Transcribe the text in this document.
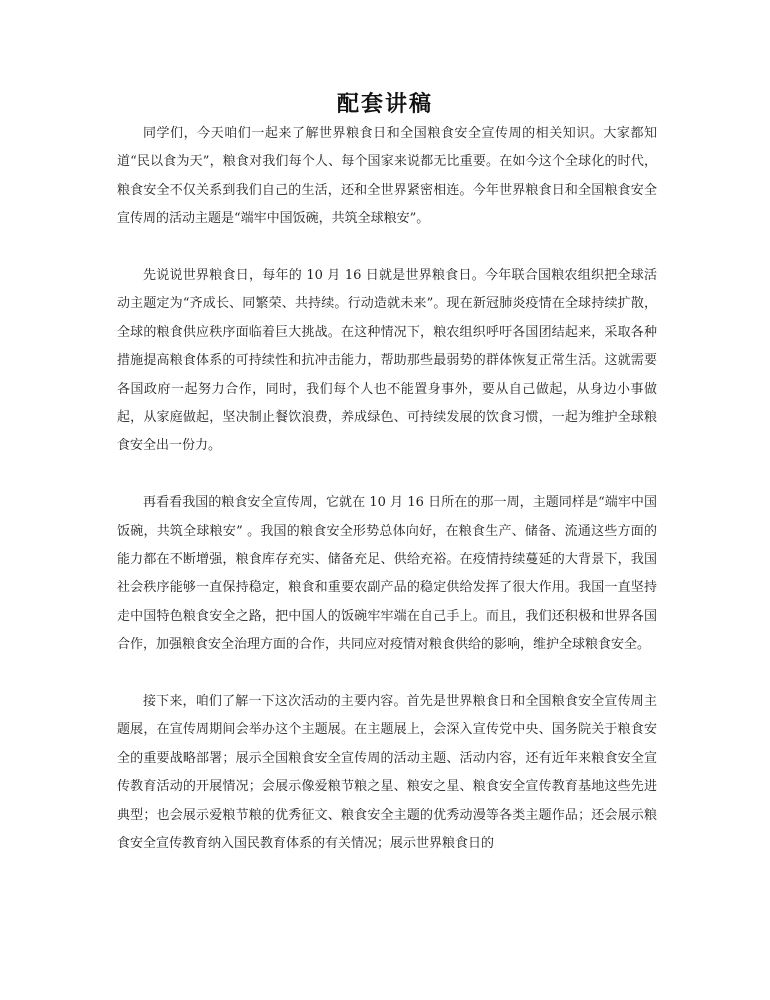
配套讲稿

同学们，今天咱们一起来了解世界粮食日和全国粮食安全宣传周的相关知识。大家都知道“民以食为天”，粮食对我们每个人、每个国家来说都无比重要。在如今这个全球化的时代，粮食安全不仅关系到我们自己的生活，还和全世界紧密相连。今年世界粮食日和全国粮食安全宣传周的活动主题是“端牢中国饭碗，共筑全球粮安”。

先说说世界粮食日，每年的 10 月 16 日就是世界粮食日。今年联合国粮农组织把全球活动主题定为“齐成长、同繁荣、共持续。行动造就未来”。现在新冠肺炎疫情在全球持续扩散，全球的粮食供应秩序面临着巨大挑战。在这种情况下，粮农组织呼吁各国团结起来，采取各种措施提高粮食体系的可持续性和抗冲击能力，帮助那些最弱势的群体恢复正常生活。这就需要各国政府一起努力合作，同时，我们每个人也不能置身事外，要从自己做起，从身边小事做起，从家庭做起，坚决制止餐饮浪费，养成绿色、可持续发展的饮食习惯，一起为维护全球粮食安全出一份力。

再看看我国的粮食安全宣传周，它就在 10 月 16 日所在的那一周，主题同样是“端牢中国饭碗，共筑全球粮安” 。我国的粮食安全形势总体向好，在粮食生产、储备、流通这些方面的能力都在不断增强，粮食库存充实、储备充足、供给充裕。在疫情持续蔓延的大背景下，我国社会秩序能够一直保持稳定，粮食和重要农副产品的稳定供给发挥了很大作用。我国一直坚持走中国特色粮食安全之路，把中国人的饭碗牢牢端在自己手上。而且，我们还积极和世界各国合作，加强粮食安全治理方面的合作，共同应对疫情对粮食供给的影响，维护全球粮食安全。

接下来，咱们了解一下这次活动的主要内容。首先是世界粮食日和全国粮食安全宣传周主题展，在宣传周期间会举办这个主题展。在主题展上，会深入宣传党中央、国务院关于粮食安全的重要战略部署；展示全国粮食安全宣传周的活动主题、活动内容，还有近年来粮食安全宣传教育活动的开展情况；会展示像爱粮节粮之星、粮安之星、粮食安全宣传教育基地这些先进典型；也会展示爱粮节粮的优秀征文、粮食安全主题的优秀动漫等各类主题作品；还会展示粮食安全宣传教育纳入国民教育体系的有关情况；展示世界粮食日的
